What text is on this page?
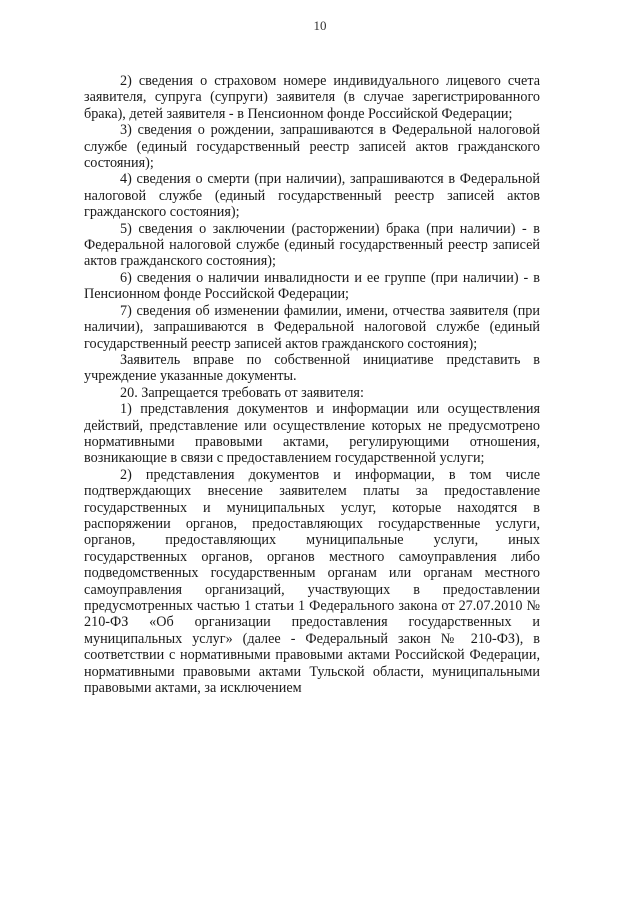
10

2) сведения о страховом номере индивидуального лицевого счета заявителя, супруга (супруги) заявителя (в случае зарегистрированного брака), детей заявителя - в Пенсионном фонде Российской Федерации;

3) сведения о рождении, запрашиваются в Федеральной налоговой службе (единый государственный реестр записей актов гражданского состояния);

4) сведения о смерти (при наличии), запрашиваются в Федеральной налоговой службе (единый государственный реестр записей актов гражданского состояния);

5) сведения о заключении (расторжении) брака (при наличии) - в Федеральной налоговой службе (единый государственный реестр записей актов гражданского состояния);

6) сведения о наличии инвалидности и ее группе (при наличии) - в Пенсионном фонде Российской Федерации;

7) сведения об изменении фамилии, имени, отчества заявителя (при наличии), запрашиваются в Федеральной налоговой службе (единый государственный реестр записей актов гражданского состояния);

Заявитель вправе по собственной инициативе представить в учреждение указанные документы.

20. Запрещается требовать от заявителя:

1) представления документов и информации или осуществления действий, представление или осуществление которых не предусмотрено нормативными правовыми актами, регулирующими отношения, возникающие в связи с предоставлением государственной услуги;

2) представления документов и информации, в том числе подтверждающих внесение заявителем платы за предоставление государственных и муниципальных услуг, которые находятся в распоряжении органов, предоставляющих государственные услуги, органов, предоставляющих муниципальные услуги, иных государственных органов, органов местного самоуправления либо подведомственных государственным органам или органам местного самоуправления организаций, участвующих в предоставлении предусмотренных частью 1 статьи 1 Федерального закона от 27.07.2010 № 210-ФЗ «Об организации предоставления государственных и муниципальных услуг» (далее - Федеральный закон № 210-ФЗ), в соответствии с нормативными правовыми актами Российской Федерации, нормативными правовыми актами Тульской области, муниципальными правовыми актами, за исключением
